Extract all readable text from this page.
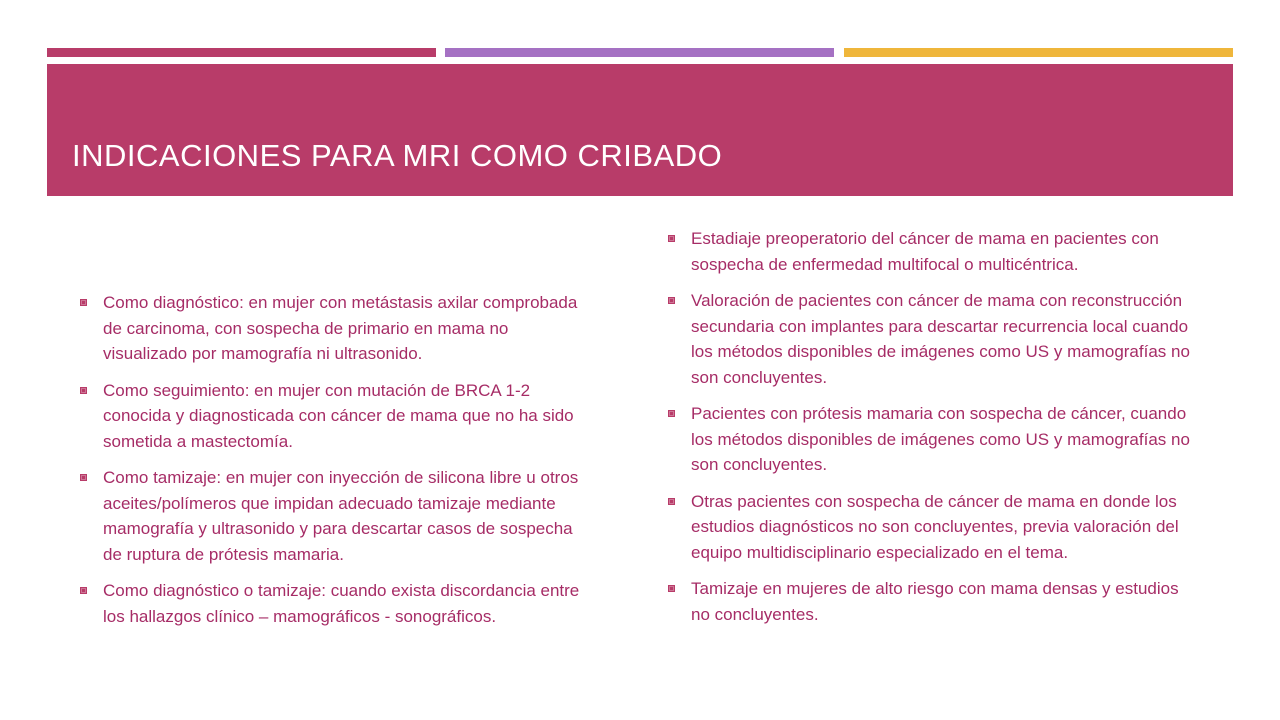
INDICACIONES PARA MRI COMO CRIBADO
Como diagnóstico: en mujer con metástasis axilar comprobada de carcinoma, con sospecha de primario en mama no visualizado por mamografía ni ultrasonido.
Como seguimiento: en mujer con mutación de BRCA 1-2 conocida y diagnosticada con cáncer de mama que no ha sido sometida a mastectomía.
Como tamizaje: en mujer con inyección de silicona libre u otros aceites/polímeros que impidan adecuado tamizaje mediante mamografía y ultrasonido y para descartar casos de sospecha de ruptura de prótesis mamaria.
Como diagnóstico o tamizaje: cuando exista discordancia entre los hallazgos clínico – mamográficos - sonográficos.
Estadiaje preoperatorio del cáncer de mama en pacientes con sospecha de enfermedad multifocal o multicéntrica.
Valoración de pacientes con cáncer de mama con reconstrucción secundaria con implantes para descartar recurrencia local cuando los métodos disponibles de imágenes como US y mamografías no son concluyentes.
Pacientes con prótesis mamaria con sospecha de cáncer, cuando los métodos disponibles de imágenes como US y mamografías no son concluyentes.
Otras pacientes con sospecha de cáncer de mama en donde los estudios diagnósticos no son concluyentes, previa valoración del equipo multidisciplinario especializado en el tema.
Tamizaje en mujeres de alto riesgo con mama densas y estudios no concluyentes.
